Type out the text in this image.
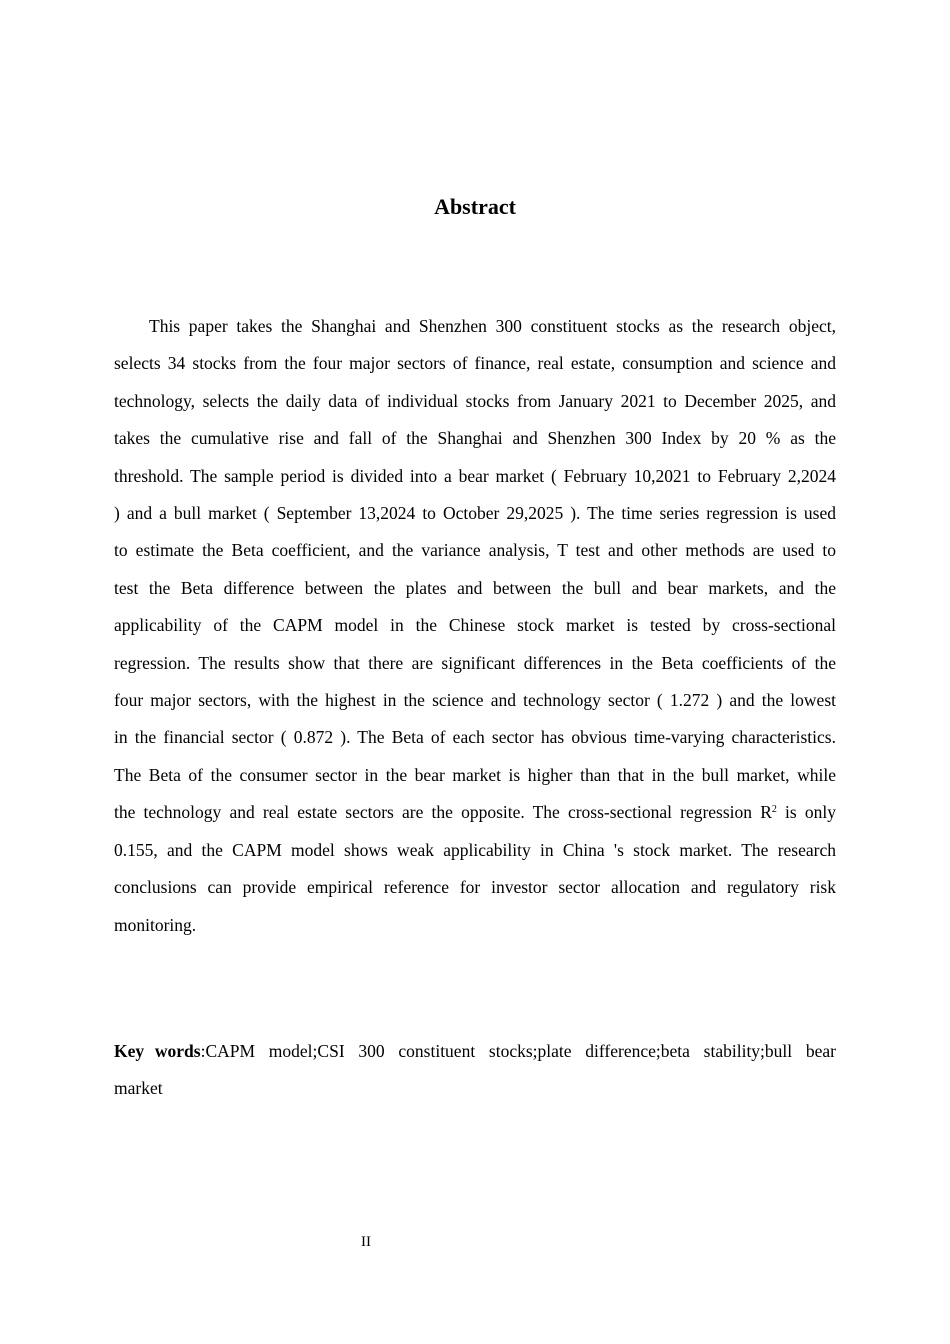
Abstract

This paper takes the Shanghai and Shenzhen 300 constituent stocks as the research object, selects 34 stocks from the four major sectors of finance, real estate, consumption and science and technology, selects the daily data of individual stocks from January 2021 to December 2025, and takes the cumulative rise and fall of the Shanghai and Shenzhen 300 Index by 20 % as the threshold. The sample period is divided into a bear market ( February 10,2021 to February 2,2024 ) and a bull market ( September 13,2024 to October 29,2025 ). The time series regression is used to estimate the Beta coefficient, and the variance analysis, T test and other methods are used to test the Beta difference between the plates and between the bull and bear markets, and the applicability of the CAPM model in the Chinese stock market is tested by cross-sectional regression. The results show that there are significant differences in the Beta coefficients of the four major sectors, with the highest in the science and technology sector ( 1.272 ) and the lowest in the financial sector ( 0.872 ). The Beta of each sector has obvious time-varying characteristics. The Beta of the consumer sector in the bear market is higher than that in the bull market, while the technology and real estate sectors are the opposite. The cross-sectional regression $R^2$ is only 0.155, and the CAPM model shows weak applicability in China 's stock market. The research conclusions can provide empirical reference for investor sector allocation and regulatory risk monitoring.

Key words:CAPM model;CSI 300 constituent stocks;plate difference;beta stability;bull bear market

II
